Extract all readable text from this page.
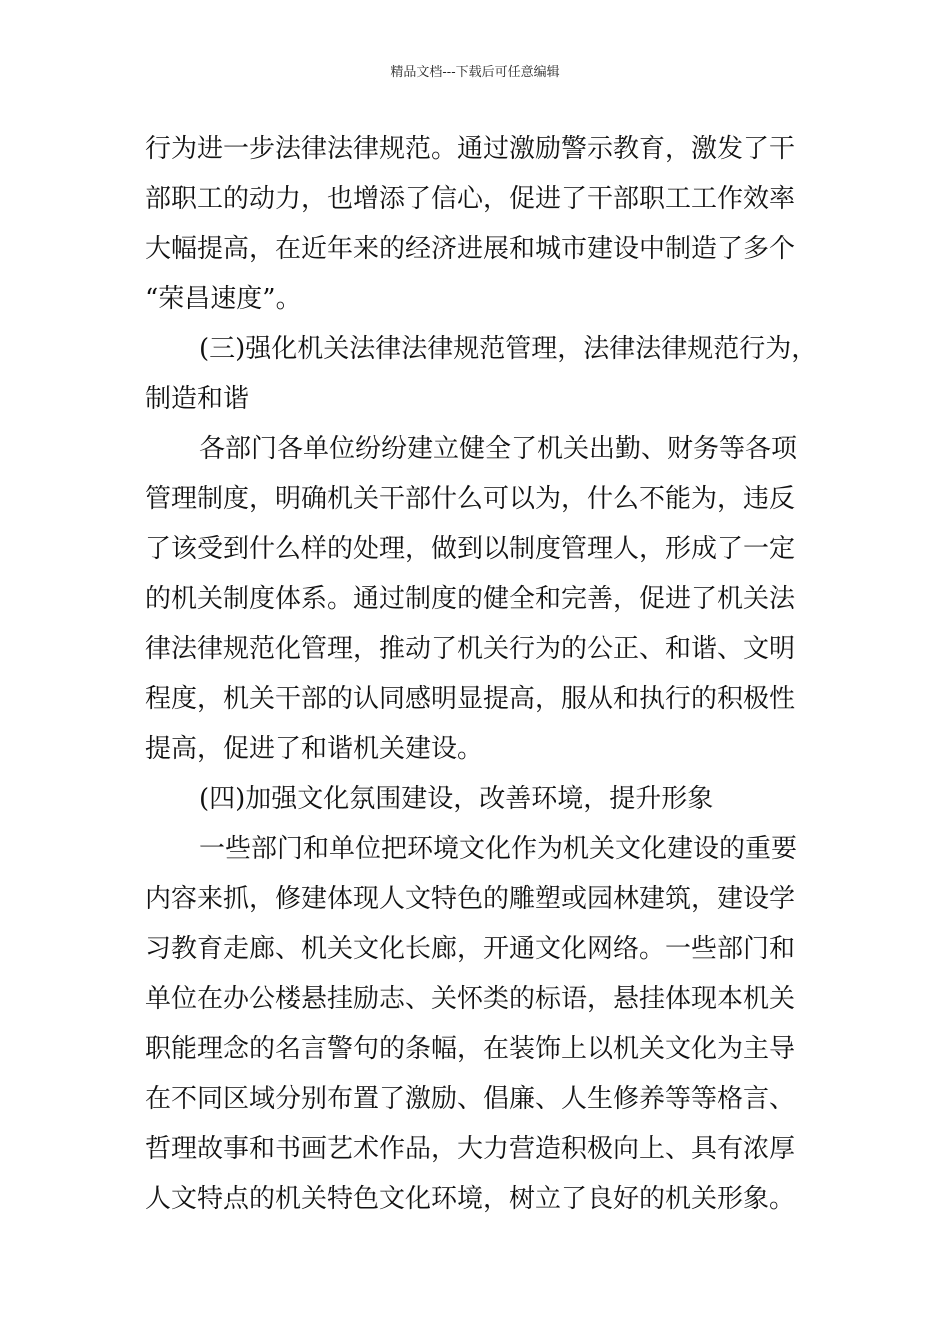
精品文档---下载后可任意编辑
行为进一步法律法律规范。通过激励警示教育，激发了干
部职工的动力，也增添了信心，促进了干部职工工作效率
大幅提高，在近年来的经济进展和城市建设中制造了多个
“荣昌速度”。
(三)强化机关法律法律规范管理，法律法律规范行为，
制造和谐
各部门各单位纷纷建立健全了机关出勤、财务等各项
管理制度，明确机关干部什么可以为，什么不能为，违反
了该受到什么样的处理，做到以制度管理人，形成了一定
的机关制度体系。通过制度的健全和完善，促进了机关法
律法律规范化管理，推动了机关行为的公正、和谐、文明
程度，机关干部的认同感明显提高，服从和执行的积极性
提高，促进了和谐机关建设。
(四)加强文化氛围建设，改善环境，提升形象
一些部门和单位把环境文化作为机关文化建设的重要
内容来抓，修建体现人文特色的雕塑或园林建筑，建设学
习教育走廊、机关文化长廊，开通文化网络。一些部门和
单位在办公楼悬挂励志、关怀类的标语，悬挂体现本机关
职能理念的名言警句的条幅，在装饰上以机关文化为主导
在不同区域分别布置了激励、倡廉、人生修养等等格言、
哲理故事和书画艺术作品，大力营造积极向上、具有浓厚
人文特点的机关特色文化环境，树立了良好的机关形象。
